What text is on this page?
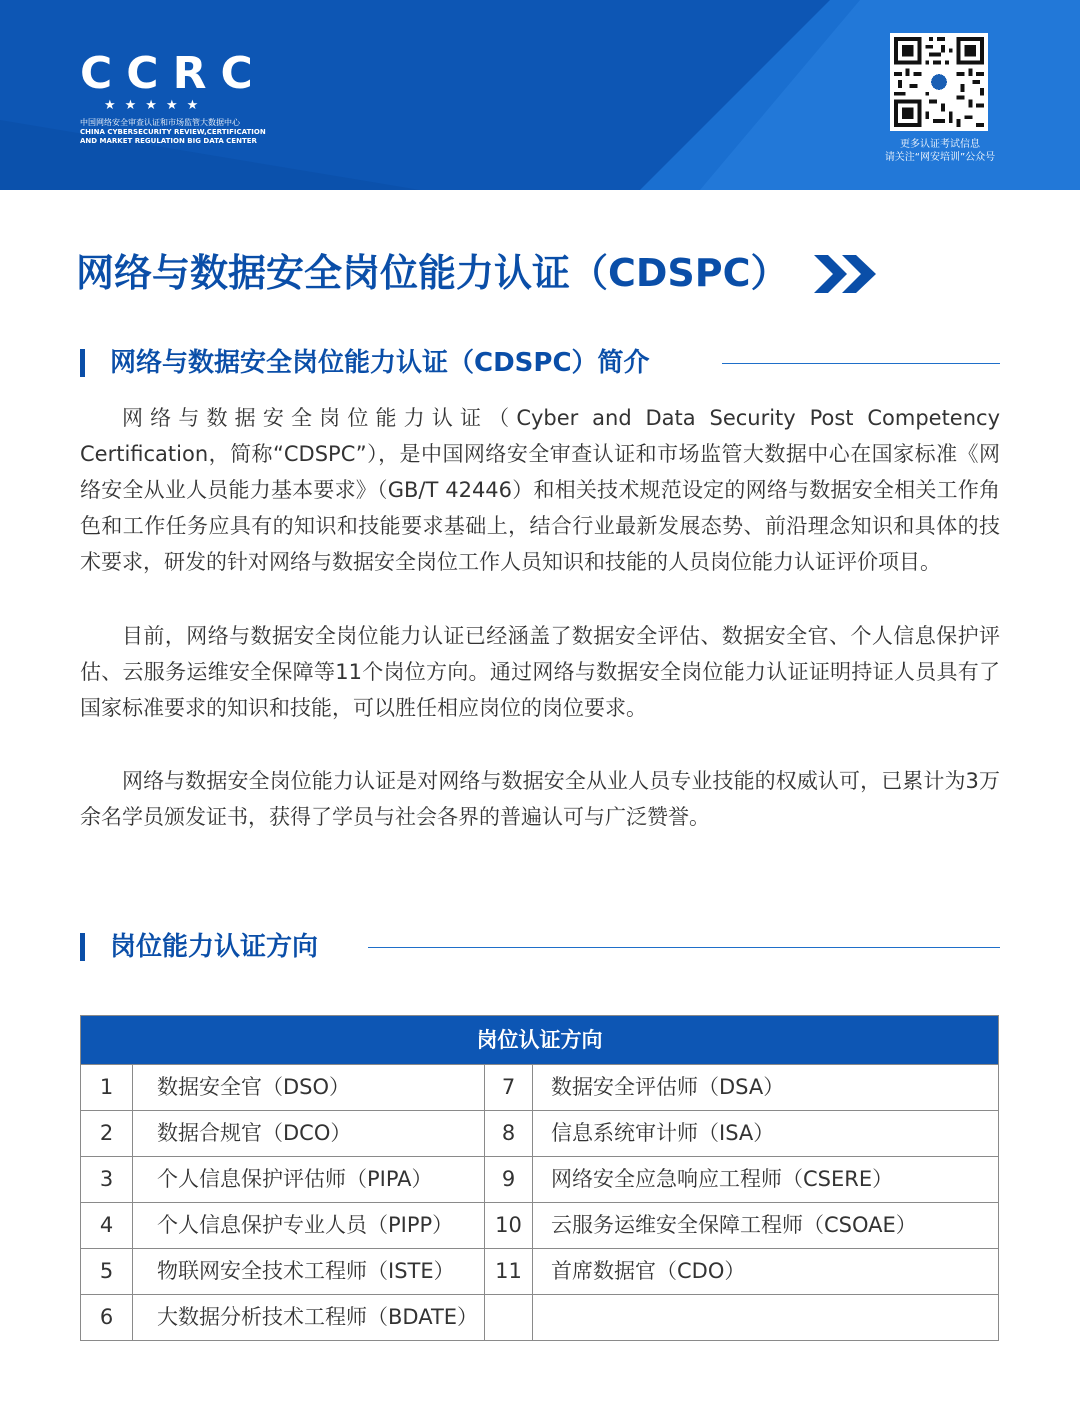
CCRC
★★★★★
中国网络安全审查认证和市场监管大数据中心
CHINA CYBERSECURITY REVIEW,CERTIFICATION
AND MARKET REGULATION BIG DATA CENTER	更多认证考试信息
请关注“网安培训”公众号
网络与数据安全岗位能力认证（CDSPC）
网络与数据安全岗位能力认证（CDSPC）简介

网络与数据安全岗位能力认证（Cyber and Data Security Post Competency Certification，简称“CDSPC”），是中国网络安全审查认证和市场监管大数据中心在国家标准《网络安全从业人员能力基本要求》（GB/T 42446）和相关技术规范设定的网络与数据安全相关工作角色和工作任务应具有的知识和技能要求基础上，结合行业最新发展态势、前沿理念知识和具体的技术要求，研发的针对网络与数据安全岗位工作人员知识和技能的人员岗位能力认证评价项目。

目前，网络与数据安全岗位能力认证已经涵盖了数据安全评估、数据安全官、个人信息保护评估、云服务运维安全保障等11个岗位方向。通过网络与数据安全岗位能力认证证明持证人员具有了国家标准要求的知识和技能，可以胜任相应岗位的岗位要求。

网络与数据安全岗位能力认证是对网络与数据安全从业人员专业技能的权威认可，已累计为3万余名学员颁发证书，获得了学员与社会各界的普遍认可与广泛赞誉。

岗位能力认证方向
岗位认证方向
1	数据安全官（DSO）	7	数据安全评估师（DSA）
2	数据合规官（DCO）	8	信息系统审计师（ISA）
3	个人信息保护评估师（PIPA）	9	网络安全应急响应工程师（CSERE）
4	个人信息保护专业人员（PIPP）	10	云服务运维安全保障工程师（CSOAE）
5	物联网安全技术工程师（ISTE）	11	首席数据官（CDO）
6	大数据分析技术工程师（BDATE）
